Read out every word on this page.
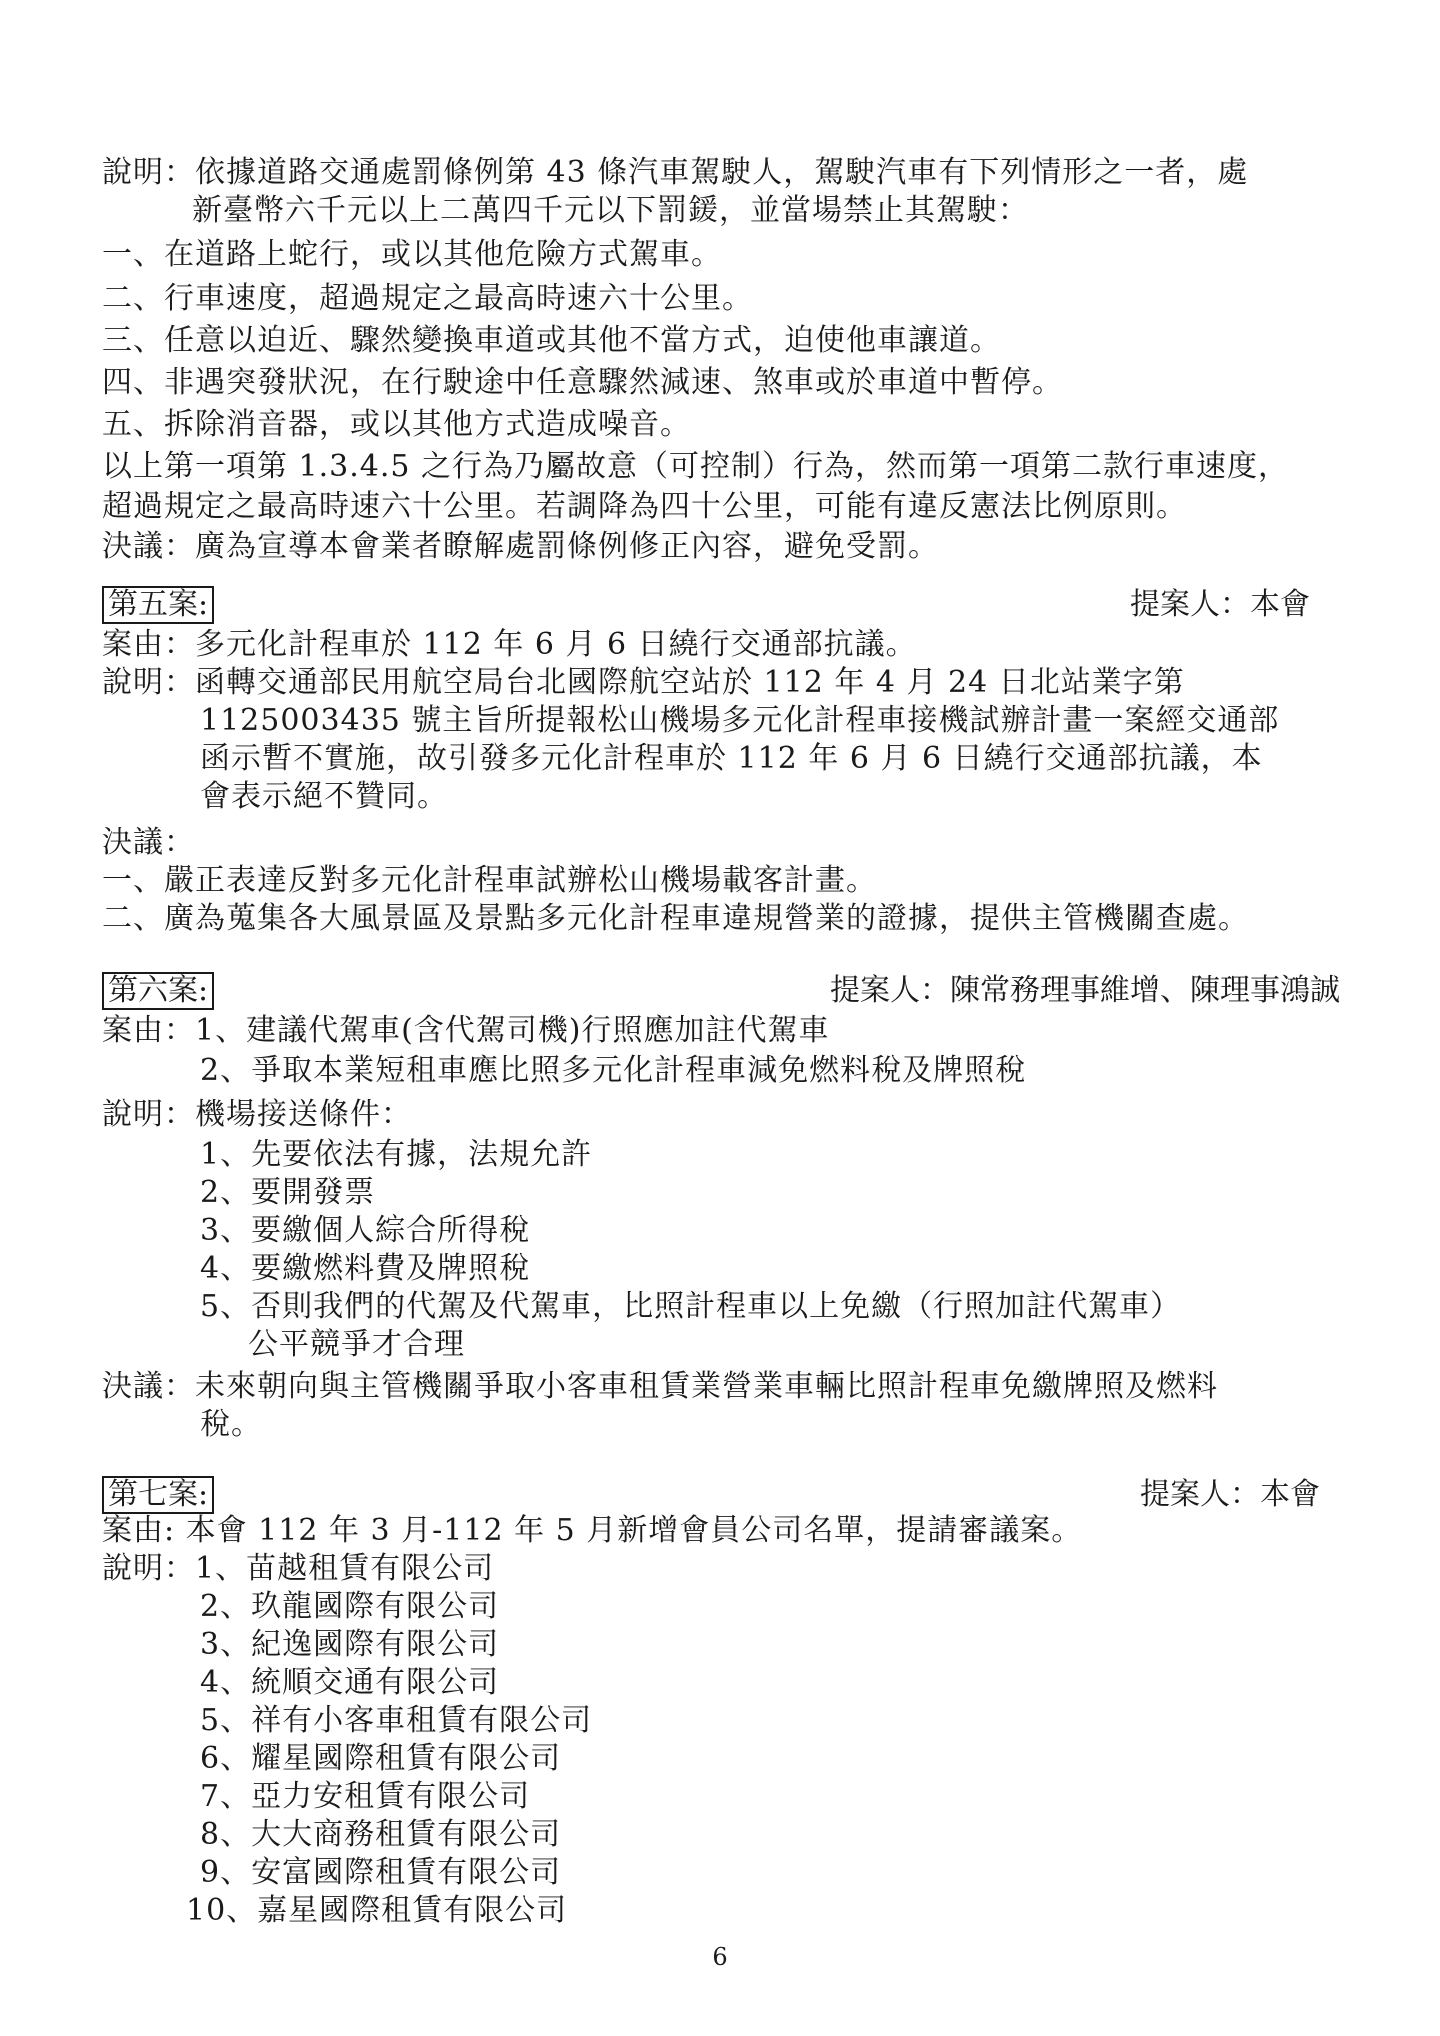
說明：依據道路交通處罰條例第 43 條汽車駕駛人，駕駛汽車有下列情形之一者，處
新臺幣六千元以上二萬四千元以下罰鍰，並當場禁止其駕駛：
一、在道路上蛇行，或以其他危險方式駕車。
二、行車速度，超過規定之最高時速六十公里。
三、任意以迫近、驟然變換車道或其他不當方式，迫使他車讓道。
四、非遇突發狀況，在行駛途中任意驟然減速、煞車或於車道中暫停。
五、拆除消音器，或以其他方式造成噪音。
以上第一項第 1.3.4.5 之行為乃屬故意（可控制）行為，然而第一項第二款行車速度，
超過規定之最高時速六十公里。若調降為四十公里，可能有違反憲法比例原則。
決議：廣為宣導本會業者瞭解處罰條例修正內容，避免受罰。
第五案:	提案人：本會
案由：多元化計程車於 112 年 6 月 6 日繞行交通部抗議。
說明：函轉交通部民用航空局台北國際航空站於 112 年 4 月 24 日北站業字第
1125003435 號主旨所提報松山機場多元化計程車接機試辦計畫一案經交通部
函示暫不實施，故引發多元化計程車於 112 年 6 月 6 日繞行交通部抗議，本
會表示絕不贊同。
決議：
一、嚴正表達反對多元化計程車試辦松山機場載客計畫。
二、廣為蒐集各大風景區及景點多元化計程車違規營業的證據，提供主管機關查處。
第六案:	提案人：陳常務理事維增、陳理事鴻誠
案由：1、建議代駕車(含代駕司機)行照應加註代駕車
2、爭取本業短租車應比照多元化計程車減免燃料稅及牌照稅
說明：機場接送條件：
1、先要依法有據，法規允許
2、要開發票
3、要繳個人綜合所得稅
4、要繳燃料費及牌照稅
5、否則我們的代駕及代駕車，比照計程車以上免繳（行照加註代駕車）
公平競爭才合理
決議：未來朝向與主管機關爭取小客車租賃業營業車輛比照計程車免繳牌照及燃料
稅。
第七案:	提案人：本會
案由: 本會 112 年 3 月-112 年 5 月新增會員公司名單，提請審議案。
說明：1、苗越租賃有限公司
2、玖龍國際有限公司
3、紀逸國際有限公司
4、統順交通有限公司
5、祥有小客車租賃有限公司
6、耀星國際租賃有限公司
7、亞力安租賃有限公司
8、大大商務租賃有限公司
9、安富國際租賃有限公司
10、嘉星國際租賃有限公司
6
